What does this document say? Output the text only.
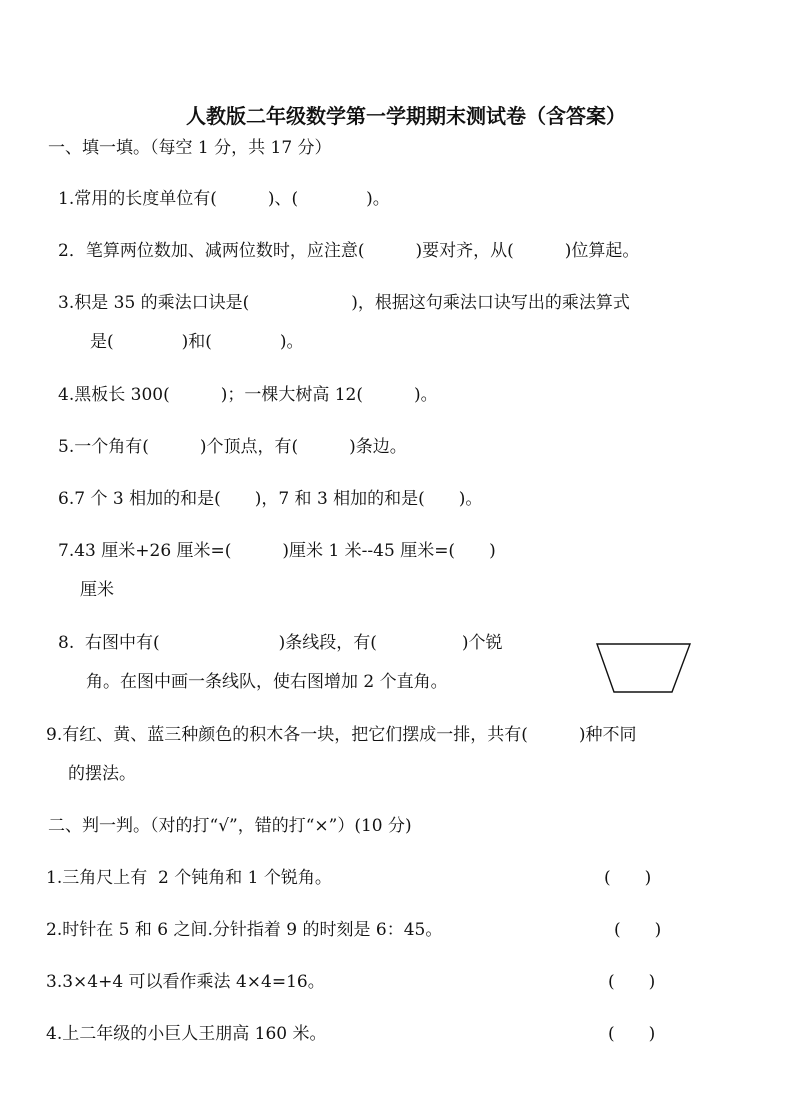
人教版二年级数学第一学期期末测试卷（含答案）
一、填一填。（每空 1 分，共 17 分）
1.常用的长度单位有(　　　)、(　　　　)。
2．笔算两位数加、减两位数时，应注意(　　　)要对齐，从(　　　)位算起。
3.积是 35 的乘法口诀是(　　　　　　)，根据这句乘法口诀写出的乘法算式
是(　　　　)和(　　　　)。
4.黑板长 300(　　　)；一棵大树高 12(　　　)。
5.一个角有(　　　)个顶点，有(　　　)条边。
6.7 个 3 相加的和是(　　)，7 和 3 相加的和是(　　)。
7.43 厘米+26 厘米=(　　　)厘米 1 米--45 厘米=(　　)
厘米
8.  右图中有(　　　　　　　)条线段，有(　　　　　)个锐
角。在图中画一条线队，使右图增加 2 个直角。
9.有红、黄、蓝三种颜色的积木各一块，把它们摆成一排，共有(　　　)种不同
的摆法。
二、判一判。（对的打“√”，错的打“×”）(10 分)
1.三角尺上有  2 个钝角和 1 个锐角。	(　　)
2.时针在 5 和 6 之间.分针指着 9 的时刻是 6：45。	(　　)
3.3×4+4 可以看作乘法 4×4=16。	(　　)
4.上二年级的小巨人王朋高 160 米。	(　　)
